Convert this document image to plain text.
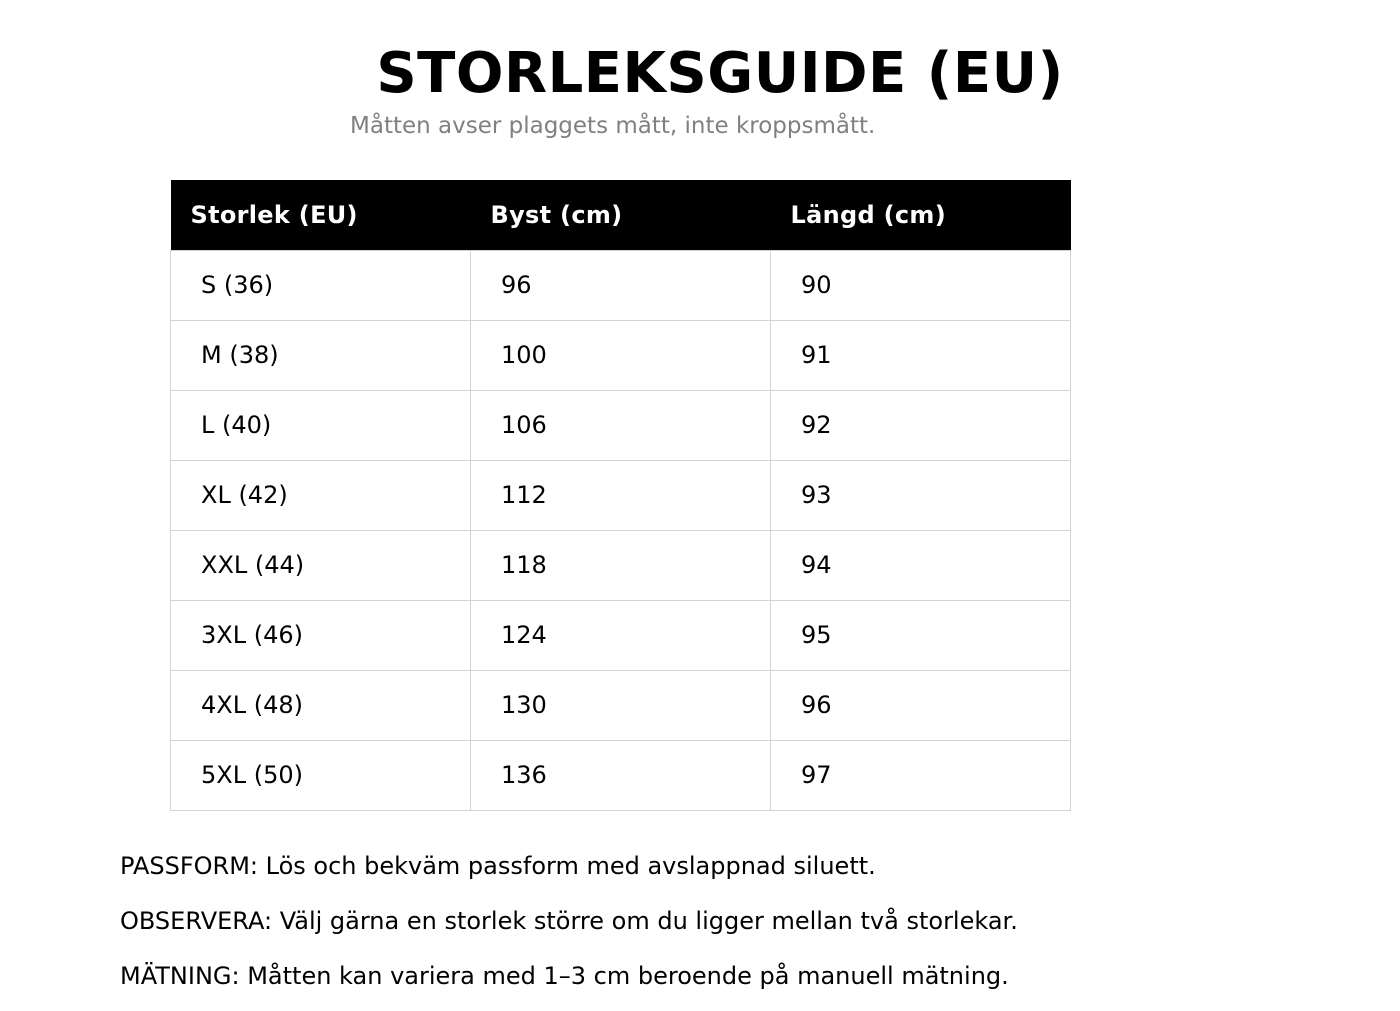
STORLEKSGUIDE (EU)

Måtten avser plaggets mått, inte kroppsmått.

Storlek (EU)	Byst (cm)	Längd (cm)
S (36)	96	90
M (38)	100	91
L (40)	106	92
XL (42)	112	93
XXL (44)	118	94
3XL (46)	124	95
4XL (48)	130	96
5XL (50)	136	97

PASSFORM: Lös och bekväm passform med avslappnad siluett.

OBSERVERA: Välj gärna en storlek större om du ligger mellan två storlekar.

MÄTNING: Måtten kan variera med 1–3 cm beroende på manuell mätning.
